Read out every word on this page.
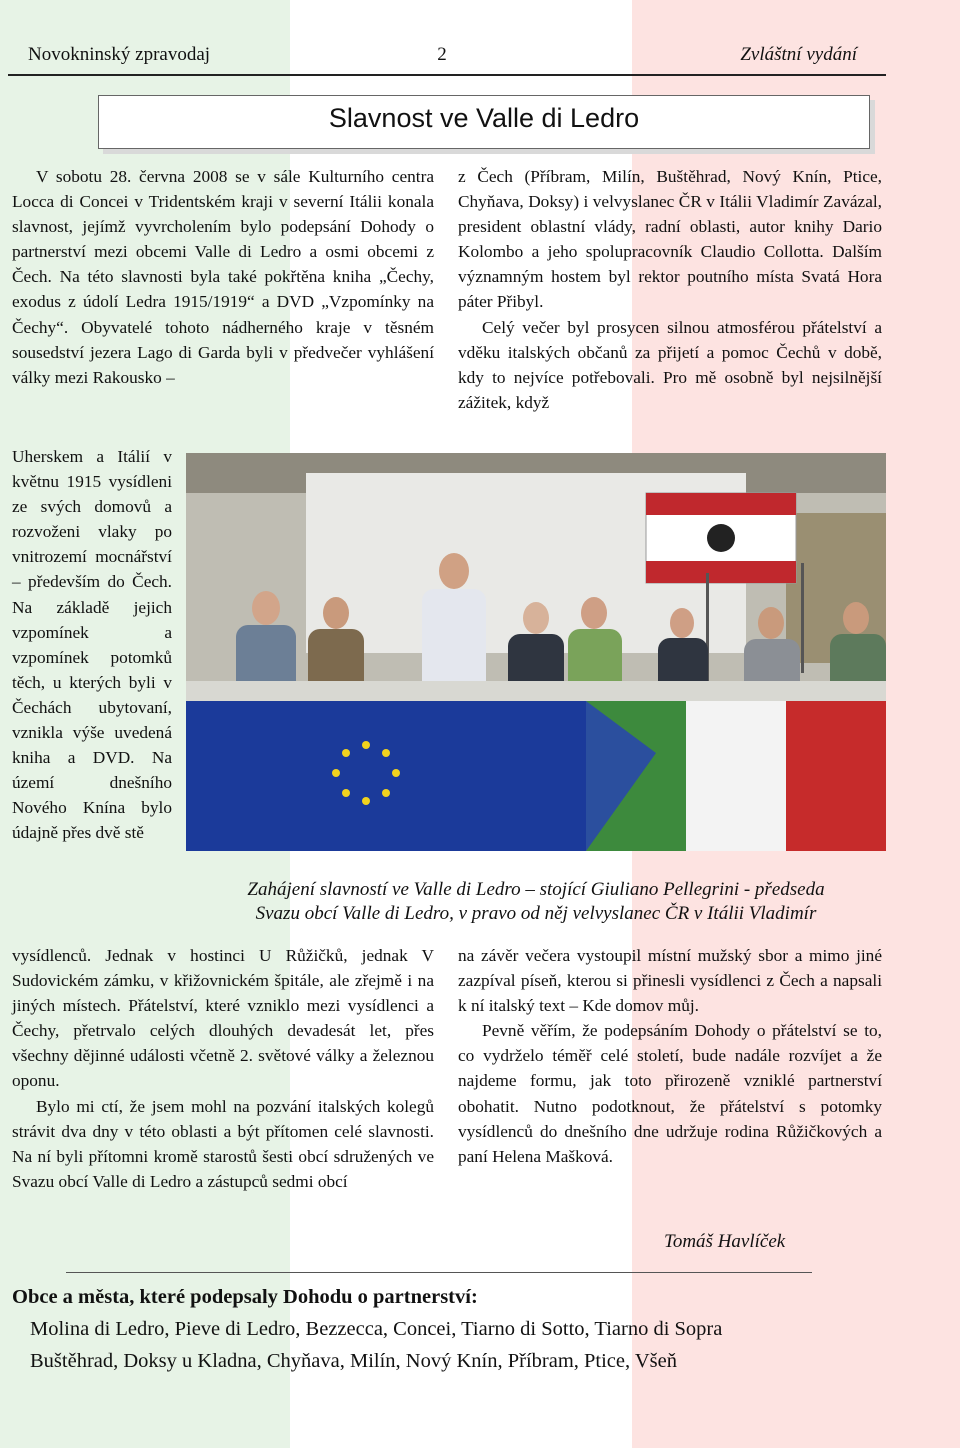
Novokninský zpravodaj	2	Zvláštní vydání
Slavnost ve Valle di Ledro

V sobotu 28. června 2008 se v sále Kulturního centra Locca di Concei v Tridentském kraji v severní Itálii konala slavnost, jejímž vyvrcholením bylo podepsání Dohody o partnerství mezi obcemi Valle di Ledro a osmi obcemi z Čech. Na této slavnosti byla také pokřtěna kniha „Čechy, exodus z údolí Ledra 1915/1919“ a DVD „Vzpomínky na Čechy“. Obyvatelé tohoto nádherného kraje v těsném sousedství jezera Lago di Garda byli v předvečer vyhlášení války mezi Rakousko –

Uherskem a Itálií v květnu 1915 vysídleni ze svých domovů a rozvoženi vlaky po vnitrozemí mocnářství – především do Čech. Na základě jejich vzpomínek a vzpomínek potomků těch, u kterých byli v Čechách ubytovaní, vznikla výše uvedená kniha a DVD. Na území dnešního Nového Knína bylo údajně přes dvě stě

vysídlenců. Jednak v hostinci U Růžičků, jednak V Sudovickém zámku, v křižovnickém špitále, ale zřejmě i na jiných místech. Přátelství, které vzniklo mezi vysídlenci a Čechy, přetrvalo celých dlouhých devadesát let, přes všechny dějinné události včetně 2. světové války a železnou oponu.

Bylo mi ctí, že jsem mohl na pozvání italských kolegů strávit dva dny v této oblasti a být přítomen celé slavnosti. Na ní byli přítomni kromě starostů šesti obcí sdružených ve Svazu obcí Valle di Ledro a zástupců sedmi obcí

z Čech (Příbram, Milín, Buštěhrad, Nový Knín, Ptice, Chyňava, Doksy) i velvyslanec ČR v Itálii Vladimír Zavázal, president oblastní vlády, radní oblasti, autor knihy Dario Kolombo a jeho spolupracovník Claudio Collotta. Dalším významným hostem byl rektor poutního místa Svatá Hora páter Přibyl.

Celý večer byl prosycen silnou atmosférou přátelství a vděku italských občanů za přijetí a pomoc Čechů v době, kdy to nejvíce potřebovali. Pro mě osobně byl nejsilnější zážitek, když

Zahájení slavností ve Valle di Ledro – stojící Giuliano Pellegrini - předseda
Svazu obcí Valle di Ledro, v pravo od něj velvyslanec ČR v Itálii Vladimír

na závěr večera vystoupil místní mužský sbor a mimo jiné zazpíval píseň, kterou si přinesli vysídlenci z Čech a napsali k ní italský text – Kde domov můj.

Pevně věřím, že podepsáním Dohody o přátelství se to, co vydrželo téměř celé století, bude nadále rozvíjet a že najdeme formu, jak toto přirozeně vzniklé partnerství obohatit. Nutno podotknout, že přátelství s potomky vysídlenců do dnešního dne udržuje rodina Růžičkových a paní Helena Mašková.

Tomáš Havlíček
Obce a města, které podepsaly Dohodu o partnerství:
Molina di Ledro, Pieve di Ledro, Bezzecca, Concei, Tiarno di Sotto, Tiarno di Sopra
Buštěhrad, Doksy u Kladna, Chyňava, Milín, Nový Knín, Příbram, Ptice, Všeň
